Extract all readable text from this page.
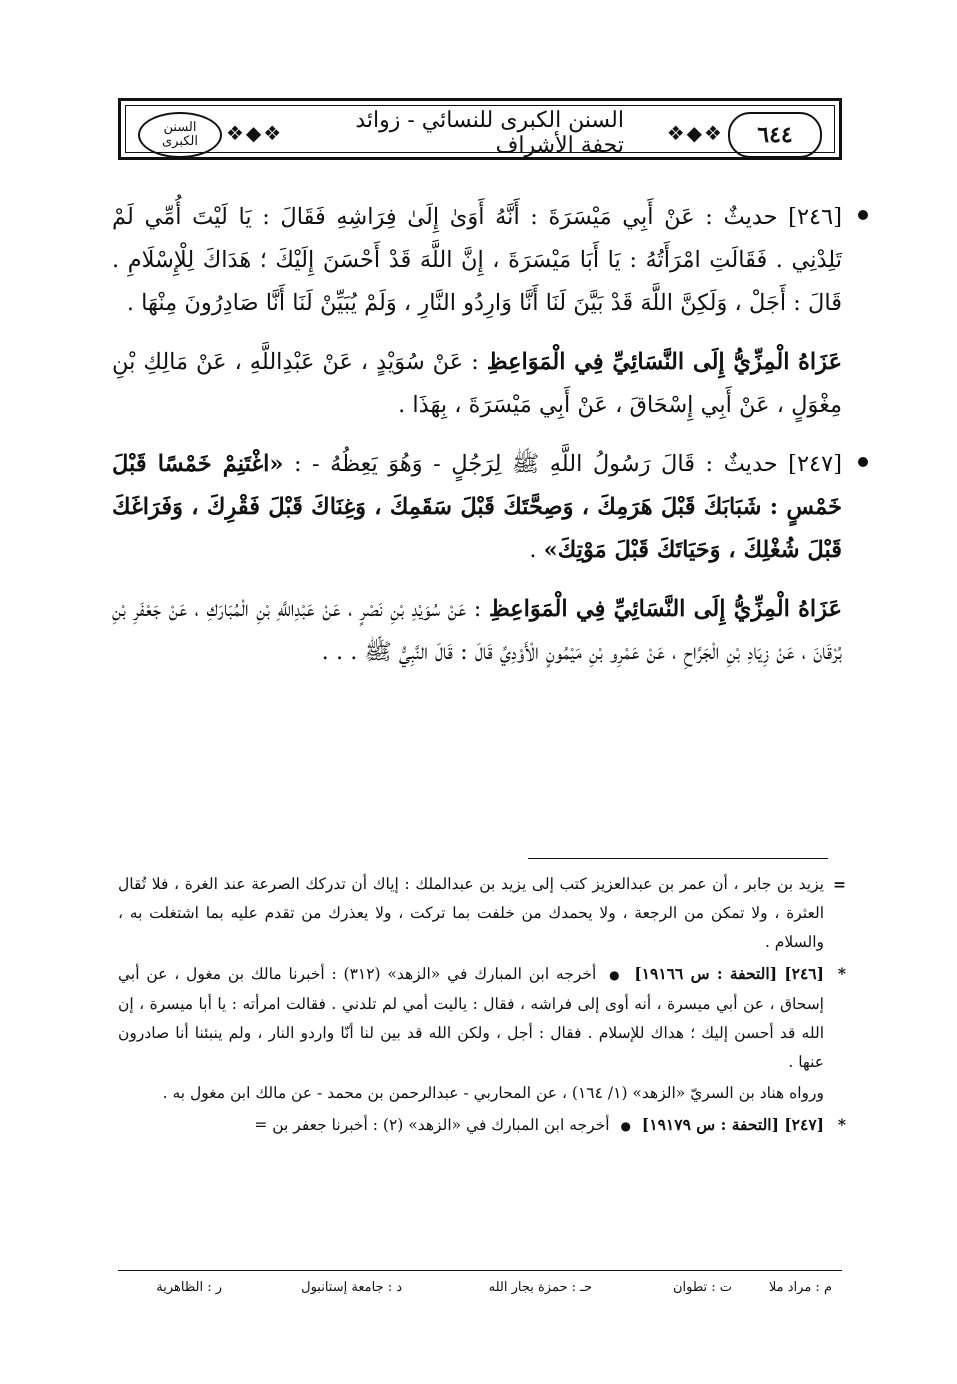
السنن
الكبرى ❖◆❖	السنن الكبرى للنسائي - زوائد تحفة الأشراف ❖◆❖	٦٤٤

[٢٤٦] حديثٌ : عَنْ أَبِي مَيْسَرَةَ : أَنَّهُ أَوَىٰ إِلَىٰ فِرَاشِهِ فَقَالَ : يَا لَيْتَ أُمِّي لَمْ تَلِدْنِي . فَقَالَتِ امْرَأَتُهُ : يَا أَبَا مَيْسَرَةَ ، إِنَّ اللَّهَ قَدْ أَحْسَنَ إِلَيْكَ ؛ هَدَاكَ لِلْإِسْلَامِ . قَالَ : أَجَلْ ، وَلَكِنَّ اللَّهَ قَدْ بَيَّنَ لَنَا أَنَّا وَارِدُو النَّارِ ، وَلَمْ يُبَيِّنْ لَنَا أَنَّا صَادِرُونَ مِنْهَا .

عَزَاهُ الْمِزِّيُّ إِلَى النَّسَائِيِّ فِي الْمَوَاعِظِ : عَنْ سُوَيْدٍ ، عَنْ عَبْدِاللَّهِ ، عَنْ مَالِكِ بْنِ مِغْوَلٍ ، عَنْ أَبِي إِسْحَاقَ ، عَنْ أَبِي مَيْسَرَةَ ، بِهَذَا .

[٢٤٧] حديثٌ : قَالَ رَسُولُ اللَّهِ ﷺ لِرَجُلٍ - وَهُوَ يَعِظُهُ - : «اغْتَنِمْ خَمْسًا قَبْلَ خَمْسٍ : شَبَابَكَ قَبْلَ هَرَمِكَ ، وَصِحَّتَكَ قَبْلَ سَقَمِكَ ، وَغِنَاكَ قَبْلَ فَقْرِكَ ، وَفَرَاغَكَ قَبْلَ شُغْلِكَ ، وَحَيَاتَكَ قَبْلَ مَوْتِكَ» .

عَزَاهُ الْمِزِّيُّ إِلَى النَّسَائِيِّ فِي الْمَوَاعِظِ : عَنْ سُوَيْدِ بْنِ نَصْرٍ ، عَنْ عَبْدِاللَّهِ بْنِ الْمُبَارَكِ ، عَنْ جَعْفَرِ بْنِ بُرْقَانَ ، عَنْ زِيَادِ بْنِ الْجَرَّاحِ ، عَنْ عَمْرِو بْنِ مَيْمُونٍ الْأَوْدِيِّ قَالَ : قَالَ النَّبِيُّ ﷺ . . .

=
يزيد بن جابر ، أن عمر بن عبدالعزيز كتب إلى يزيد بن عبدالملك : إياك أن تدركك الصرعة عند الغرة ، فلا تُقال العثرة ، ولا تمكن من الرجعة ، ولا يحمدك من خلفت بما تركت ، ولا يعذرك من تقدم عليه بما اشتغلت به ، والسلام .

*
[٢٤٦] [التحفة : س ١٩١٦٦] ● أخرجه ابن المبارك في «الزهد» (٣١٢) : أخبرنا مالك بن مغول ، عن أبي إسحاق ، عن أبي ميسرة ، أنه أوى إلى فراشه ، فقال : ياليت أمي لم تلدني . فقالت امرأته : يا أبا ميسرة ، إن الله قد أحسن إليك ؛ هداك للإسلام . فقال : أجل ، ولكن الله قد بين لنا أنّا واردو النار ، ولم ينبئنا أنا صادرون عنها .

ورواه هناد بن السريّ «الزهد» (١/ ١٦٤) ، عن المحاربي - عبدالرحمن بن محمد - عن مالك ابن مغول به .

*
[٢٤٧] [التحفة : س ١٩١٧٩] ● أخرجه ابن المبارك في «الزهد» (٢) : أخبرنا جعفر بن =

م : مراد ملا
ت : تطوان
حـ : حمزة بجار الله
د : جامعة إستانبول
ر : الظاهرية
